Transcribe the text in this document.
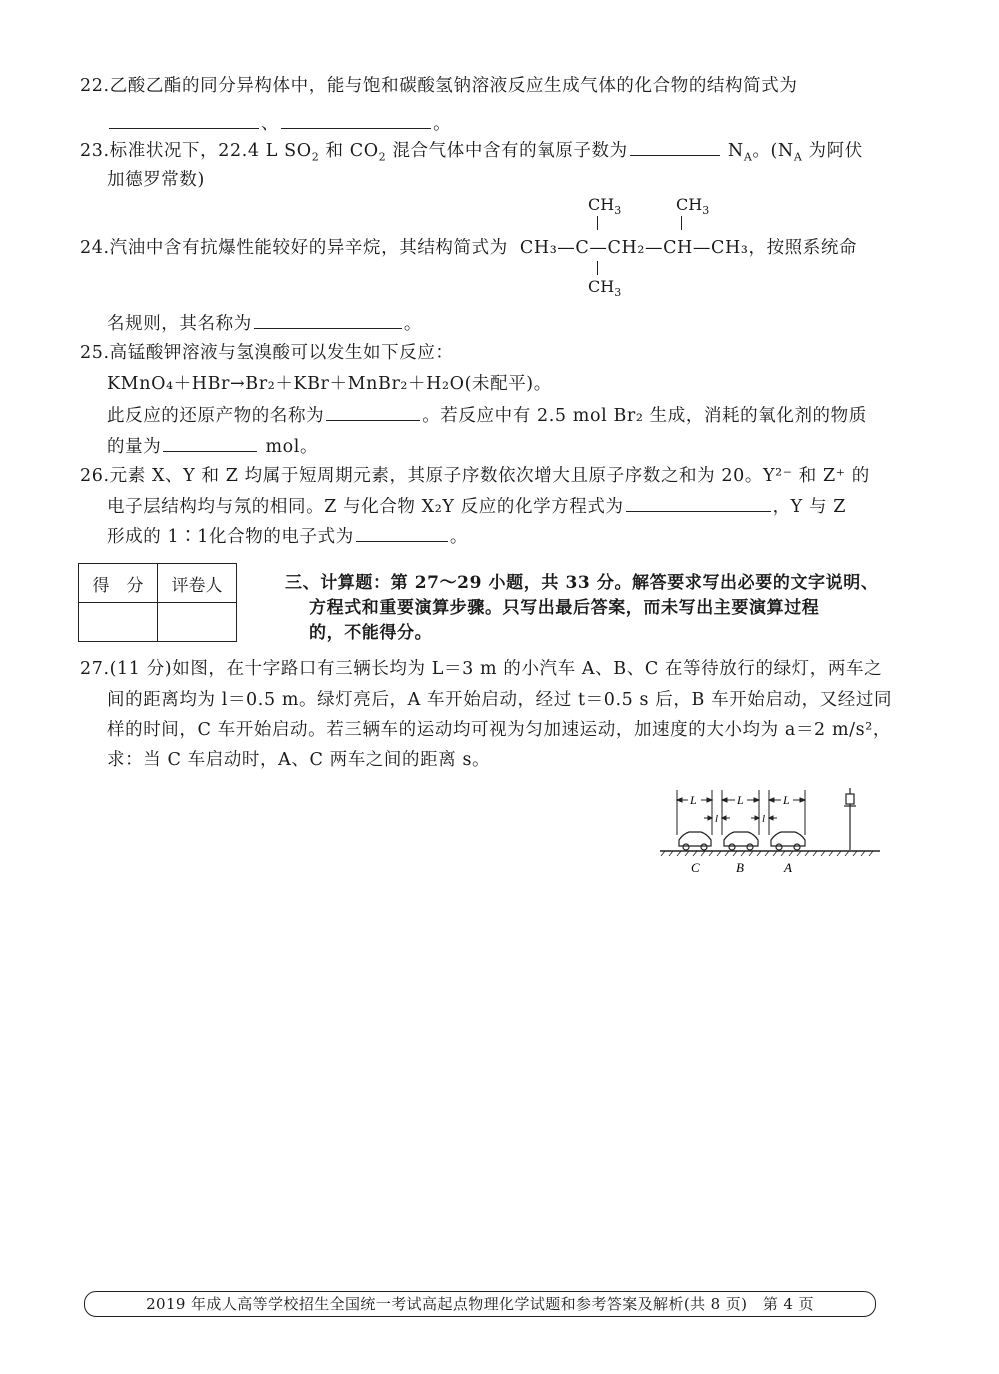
22.乙酸乙酯的同分异构体中，能与饱和碳酸氢钠溶液反应生成气体的化合物的结构简式为
、	。
23.标准状况下，22.4 L $SO_2$ 和 $CO_2$ 混合气体中含有的氧原子数为	$N_A$。($N_A$ 为阿伏
加德罗常数)
$CH_3$	$CH_3$
24.汽油中含有抗爆性能较好的异辛烷，其结构简式为 CH₃—C—CH₂—CH—CH₃，按照系统命
$CH_3$
名规则，其名称为	。
25.高锰酸钾溶液与氢溴酸可以发生如下反应：
KMnO₄＋HBr→Br₂＋KBr＋MnBr₂＋H₂O(未配平)。
此反应的还原产物的名称为	。若反应中有 2.5 mol Br₂ 生成，消耗的氧化剂的物质
的量为	mol。
26.元素 X、Y 和 Z 均属于短周期元素，其原子序数依次增大且原子序数之和为 20。Y²⁻ 和 Z⁺ 的
电子层结构均与氖的相同。Z 与化合物 X₂Y 反应的化学方程式为	，Y 与 Z
形成的 1∶1化合物的电子式为	。
得　分	评卷人
		三、计算题：第 27～29 小题，共 33 分。解答要求写出必要的文字说明、
方程式和重要演算步骤。只写出最后答案，而未写出主要演算过程
的，不能得分。
27.(11 分)如图，在十字路口有三辆长均为 L＝3 m 的小汽车 A、B、C 在等待放行的绿灯，两车之
间的距离均为 l＝0.5 m。绿灯亮后，A 车开始启动，经过 t＝0.5 s 后，B 车开始启动，又经过同
样的时间，C 车开始启动。若三辆车的运动均可视为匀加速运动，加速度的大小均为 a＝2 m/s²，
求：当 C 车启动时，A、C 两车之间的距离 s。
L	L	L
l	l
C	B	A
2019 年成人高等学校招生全国统一考试高起点物理化学试题和参考答案及解析(共 8 页)　第 4 页
